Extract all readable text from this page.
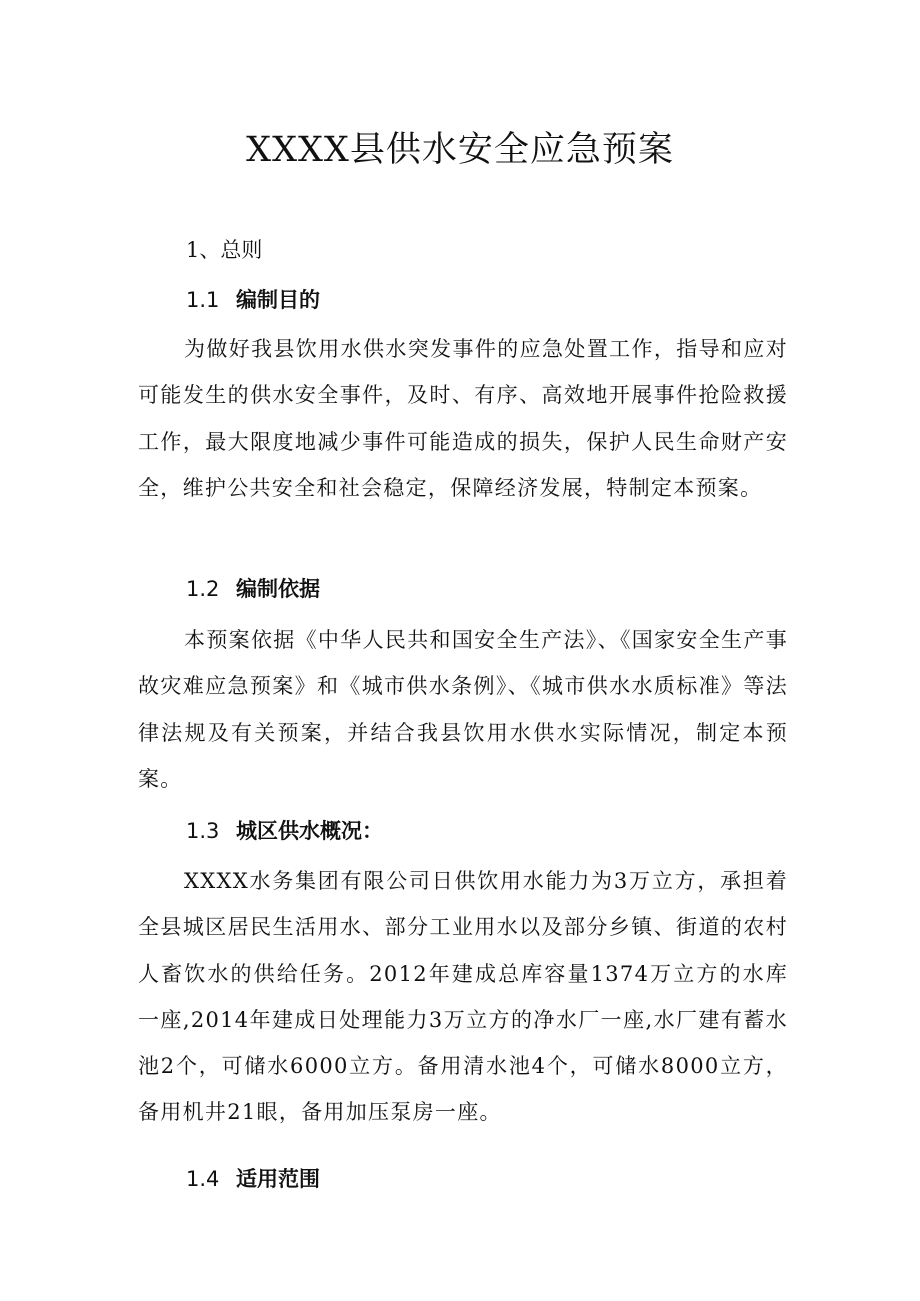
XXXX县供水安全应急预案
1、总则
1.1 编制目的

为做好我县饮用水供水突发事件的应急处置工作，指导和应对可能发生的供水安全事件，及时、有序、高效地开展事件抢险救援工作，最大限度地减少事件可能造成的损失，保护人民生命财产安全，维护公共安全和社会稳定，保障经济发展，特制定本预案。

1.2 编制依据

本预案依据《中华人民共和国安全生产法》、《国家安全生产事故灾难应急预案》和《城市供水条例》、《城市供水水质标准》等法律法规及有关预案，并结合我县饮用水供水实际情况，制定本预案。

1.3 城区供水概况：

XXXX水务集团有限公司日供饮用水能力为3万立方，承担着全县城区居民生活用水、部分工业用水以及部分乡镇、街道的农村人畜饮水的供给任务。2012年建成总库容量1374万立方的水库一座,2014年建成日处理能力3万立方的净水厂一座,水厂建有蓄水池2个，可储水6000立方。备用清水池4个，可储水8000立方，备用机井21眼，备用加压泵房一座。

1.4 适用范围
